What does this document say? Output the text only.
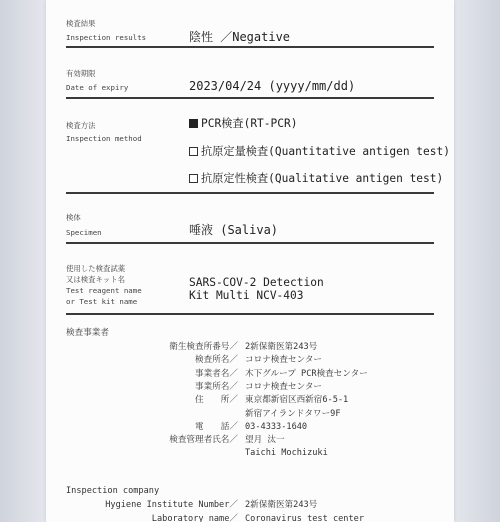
検査結果
Inspection results	陰性 ／Negative
有効期限
Date of expiry	2023/04/24 (yyyy/mm/dd)
検査方法
Inspection method
PCR検査(RT-PCR)
抗原定量検査(Quantitative antigen test)
抗原定性検査(Qualitative antigen test)
検体
Specimen	唾液 (Saliva)
使用した検査試薬
又は検査キット名
Test reagent name
or Test kit name
SARS-COV-2 Detection
Kit Multi NCV-403
検査事業者
衛生検査所番号／ 2新保衛医第243号
検査所名／ コロナ検査センター
事業者名／ 木下グループ PCR検査センター
事業所名／ コロナ検査センター
住　　所／ 東京都新宿区西新宿6-5-1
新宿アイランドタワー9F
電　　話／ 03-4333-1640
検査管理者氏名／ 望月 汰一
Taichi Mochizuki
Inspection company
Hygiene Institute Number／ 2新保衛医第243号
Laboratory name／ Coronavirus test center
